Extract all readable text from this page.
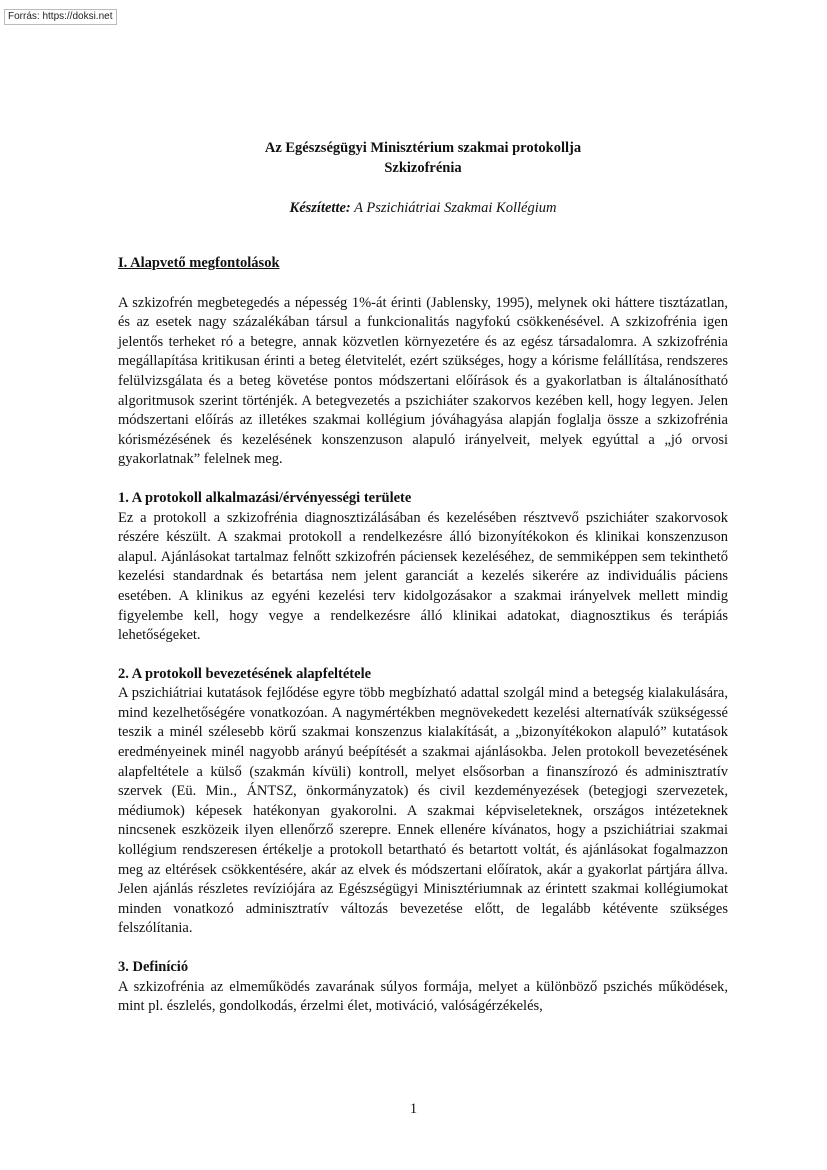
Forrás: https://doksi.net

Az Egészségügyi Minisztérium szakmai protokollja

Szkizofrénia

Készítette: A Pszichiátriai Szakmai Kollégium

I. Alapvető megfontolások

A szkizofrén megbetegedés a népesség 1%-át érinti (Jablensky, 1995), melynek oki háttere tisztázatlan, és az esetek nagy százalékában társul a funkcionalitás nagyfokú csökkenésével. A szkizofrénia igen jelentős terheket ró a betegre, annak közvetlen környezetére és az egész társadalomra. A szkizofrénia megállapítása kritikusan érinti a beteg életvitelét, ezért szükséges, hogy a kórisme felállítása, rendszeres felülvizsgálata és a beteg követése pontos módszertani előírások és a gyakorlatban is általánosítható algoritmusok szerint történjék. A betegvezetés a pszichiáter szakorvos kezében kell, hogy legyen. Jelen módszertani előírás az illetékes szakmai kollégium jóváhagyása alapján foglalja össze a szkizofrénia kórismézésének és kezelésének konszenzuson alapuló irányelveit, melyek egyúttal a „jó orvosi gyakorlatnak” felelnek meg.

1. A protokoll alkalmazási/érvényességi területe

Ez a protokoll a szkizofrénia diagnosztizálásában és kezelésében résztvevő pszichiáter szakorvosok részére készült. A szakmai protokoll a rendelkezésre álló bizonyítékokon és klinikai konszenzuson alapul. Ajánlásokat tartalmaz felnőtt szkizofrén páciensek kezeléséhez, de semmiképpen sem tekinthető kezelési standardnak és betartása nem jelent garanciát a kezelés sikerére az individuális páciens esetében. A klinikus az egyéni kezelési terv kidolgozásakor a szakmai irányelvek mellett mindig figyelembe kell, hogy vegye a rendelkezésre álló klinikai adatokat, diagnosztikus és terápiás lehetőségeket.

2. A protokoll bevezetésének alapfeltétele

A pszichiátriai kutatások fejlődése egyre több megbízható adattal szolgál mind a betegség kialakulására, mind kezelhetőségére vonatkozóan. A nagymértékben megnövekedett kezelési alternatívák szükségessé teszik a minél szélesebb körű szakmai konszenzus kialakítását, a „bizonyítékokon alapuló” kutatások eredményeinek minél nagyobb arányú beépítését a szakmai ajánlásokba. Jelen protokoll bevezetésének alapfeltétele a külső (szakmán kívüli) kontroll, melyet elsősorban a finanszírozó és adminisztratív szervek (Eü. Min., ÁNTSZ, önkormányzatok) és civil kezdeményezések (betegjogi szervezetek, médiumok) képesek hatékonyan gyakorolni. A szakmai képviseleteknek, országos intézeteknek nincsenek eszközeik ilyen ellenőrző szerepre. Ennek ellenére kívánatos, hogy a pszichiátriai szakmai kollégium rendszeresen értékelje a protokoll betartható és betartott voltát, és ajánlásokat fogalmazzon meg az eltérések csökkentésére, akár az elvek és módszertani előíratok, akár a gyakorlat pártjára állva. Jelen ajánlás részletes revíziójára az Egészségügyi Minisztériumnak az érintett szakmai kollégiumokat minden vonatkozó adminisztratív változás bevezetése előtt, de legalább kétévente szükséges felszólítania.

3. Definíció

A szkizofrénia az elmeműködés zavarának súlyos formája, melyet a különböző pszichés működések, mint pl. észlelés, gondolkodás, érzelmi élet, motiváció, valóságérzékelés,

1
